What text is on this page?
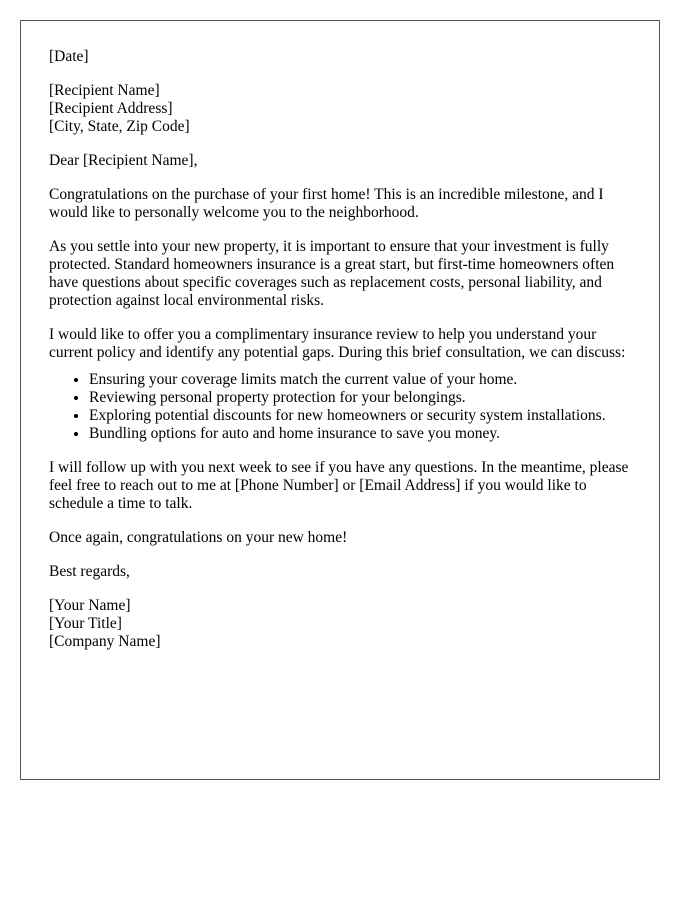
[Date]
[Recipient Name]
[Recipient Address]
[City, State, Zip Code]
Dear [Recipient Name],
Congratulations on the purchase of your first home! This is an incredible milestone, and I would like to personally welcome you to the neighborhood.
As you settle into your new property, it is important to ensure that your investment is fully protected. Standard homeowners insurance is a great start, but first-time homeowners often have questions about specific coverages such as replacement costs, personal liability, and protection against local environmental risks.
I would like to offer you a complimentary insurance review to help you understand your current policy and identify any potential gaps. During this brief consultation, we can discuss:
• Ensuring your coverage limits match the current value of your home.
• Reviewing personal property protection for your belongings.
• Exploring potential discounts for new homeowners or security system installations.
• Bundling options for auto and home insurance to save you money.
I will follow up with you next week to see if you have any questions. In the meantime, please feel free to reach out to me at [Phone Number] or [Email Address] if you would like to schedule a time to talk.
Once again, congratulations on your new home!
Best regards,
[Your Name]
[Your Title]
[Company Name]
